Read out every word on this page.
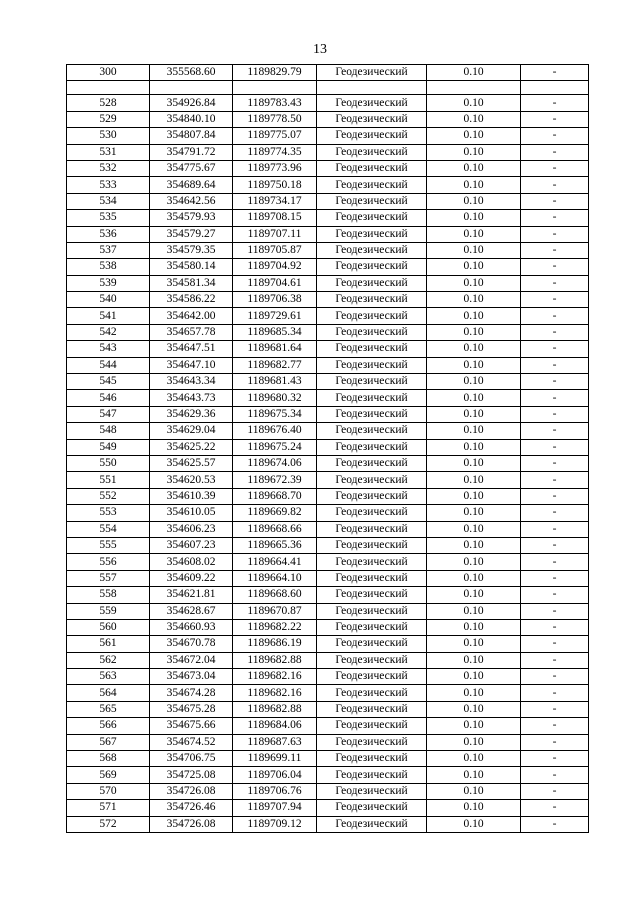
13
300	355568.60	1189829.79	Геодезический	0.10	-

528	354926.84	1189783.43	Геодезический	0.10	-
529	354840.10	1189778.50	Геодезический	0.10	-
530	354807.84	1189775.07	Геодезический	0.10	-
531	354791.72	1189774.35	Геодезический	0.10	-
532	354775.67	1189773.96	Геодезический	0.10	-
533	354689.64	1189750.18	Геодезический	0.10	-
534	354642.56	1189734.17	Геодезический	0.10	-
535	354579.93	1189708.15	Геодезический	0.10	-
536	354579.27	1189707.11	Геодезический	0.10	-
537	354579.35	1189705.87	Геодезический	0.10	-
538	354580.14	1189704.92	Геодезический	0.10	-
539	354581.34	1189704.61	Геодезический	0.10	-
540	354586.22	1189706.38	Геодезический	0.10	-
541	354642.00	1189729.61	Геодезический	0.10	-
542	354657.78	1189685.34	Геодезический	0.10	-
543	354647.51	1189681.64	Геодезический	0.10	-
544	354647.10	1189682.77	Геодезический	0.10	-
545	354643.34	1189681.43	Геодезический	0.10	-
546	354643.73	1189680.32	Геодезический	0.10	-
547	354629.36	1189675.34	Геодезический	0.10	-
548	354629.04	1189676.40	Геодезический	0.10	-
549	354625.22	1189675.24	Геодезический	0.10	-
550	354625.57	1189674.06	Геодезический	0.10	-
551	354620.53	1189672.39	Геодезический	0.10	-
552	354610.39	1189668.70	Геодезический	0.10	-
553	354610.05	1189669.82	Геодезический	0.10	-
554	354606.23	1189668.66	Геодезический	0.10	-
555	354607.23	1189665.36	Геодезический	0.10	-
556	354608.02	1189664.41	Геодезический	0.10	-
557	354609.22	1189664.10	Геодезический	0.10	-
558	354621.81	1189668.60	Геодезический	0.10	-
559	354628.67	1189670.87	Геодезический	0.10	-
560	354660.93	1189682.22	Геодезический	0.10	-
561	354670.78	1189686.19	Геодезический	0.10	-
562	354672.04	1189682.88	Геодезический	0.10	-
563	354673.04	1189682.16	Геодезический	0.10	-
564	354674.28	1189682.16	Геодезический	0.10	-
565	354675.28	1189682.88	Геодезический	0.10	-
566	354675.66	1189684.06	Геодезический	0.10	-
567	354674.52	1189687.63	Геодезический	0.10	-
568	354706.75	1189699.11	Геодезический	0.10	-
569	354725.08	1189706.04	Геодезический	0.10	-
570	354726.08	1189706.76	Геодезический	0.10	-
571	354726.46	1189707.94	Геодезический	0.10	-
572	354726.08	1189709.12	Геодезический	0.10	-
